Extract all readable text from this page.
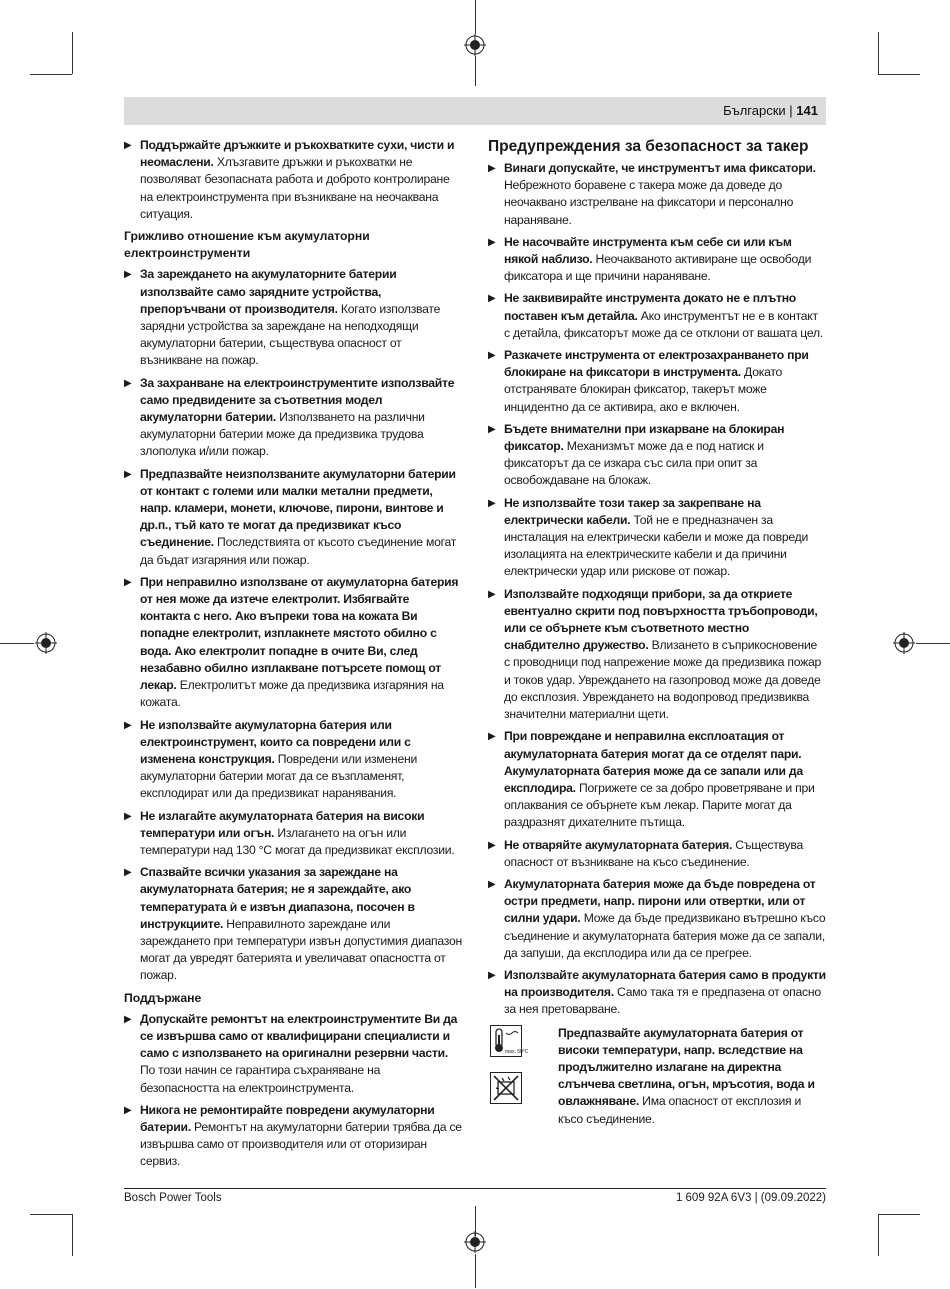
Български | 141
▶ Поддържайте дръжките и ръкохватките сухи, чисти и неомаслени. Хлъзгавите дръжки и ръкохватки не позволяват безопасната работа и доброто контролиране на електроинструмента при възникване на неочаквана ситуация.
Грижливо отношение към акумулаторни електроинструменти
▶ За зареждането на акумулаторните батерии използвайте само зарядните устройства, препоръчвани от производителя. Когато използвате зарядни устройства за зареждане на неподходящи акумулаторни батерии, съществува опасност от възникване на пожар.
▶ За захранване на електроинструментите използвайте само предвидените за съответния модел акумулаторни батерии. Използването на различни акумулаторни батерии може да предизвика трудова злополука и/или пожар.
▶ Предпазвайте неизползваните акумулаторни батерии от контакт с големи или малки метални предмети, напр. кламери, монети, ключове, пирони, винтове и др.п., тъй като те могат да предизвикат късо съединение. Последствията от късото съединение могат да бъдат изгаряния или пожар.
▶ При неправилно използване от акумулаторна батерия от нея може да изтече електролит. Избягвайте контакта с него. Ако въпреки това на кожата Ви попадне електролит, изплакнете мястото обилно с вода. Ако електролит попадне в очите Ви, след незабавно обилно изплакване потърсете помощ от лекар. Електролитът може да предизвика изгаряния на кожата.
▶ Не използвайте акумулаторна батерия или електроинструмент, които са повредени или с изменена конструкция. Повредени или изменени акумулаторни батерии могат да се възпламенят, експлодират или да предизвикат наранявания.
▶ Не излагайте акумулаторната батерия на високи температури или огън. Излагането на огън или температури над 130 °C могат да предизвикат експлозии.
▶ Спазвайте всички указания за зареждане на акумулаторната батерия; не я зареждайте, ако температурата ѝ е извън диапазона, посочен в инструкциите. Неправилното зареждане или зареждането при температури извън допустимия диапазон могат да увредят батерията и увеличават опасността от пожар.
Поддържане
▶ Допускайте ремонтът на електроинструментите Ви да се извършва само от квалифицирани специалисти и само с използването на оригинални резервни части. По този начин се гарантира съхраняване на безопасността на електроинструмента.
▶ Никога не ремонтирайте повредени акумулаторни батерии. Ремонтът на акумулаторни батерии трябва да се извършва само от производителя или от оторизиран сервиз.
Предупреждения за безопасност за такер
▶ Винаги допускайте, че инструментът има фиксатори. Небрежното боравене с такера може да доведе до неочаквано изстрелване на фиксатори и персонално нараняване.
▶ Не насочвайте инструмента към себе си или към някой наблизо. Неочакваното активиране ще освободи фиксатора и ще причини нараняване.
▶ Не заквивирайте инструмента докато не е плътно поставен към детайла. Ако инструментът не е в контакт с детайла, фиксаторът може да се отклони от вашата цел.
▶ Разкачете инструмента от електрозахранването при блокиране на фиксатори в инструмента. Докато отстранявате блокиран фиксатор, такерът може инцидентно да се активира, ако е включен.
▶ Бъдете внимателни при изкарване на блокиран фиксатор. Механизмът може да е под натиск и фиксаторът да се изкара със сила при опит за освобождаване на блокаж.
▶ Не използвайте този такер за закрепване на електрически кабели. Той не е предназначен за инсталация на електрически кабели и може да повреди изолацията на електрическите кабели и да причини електрически удар или рискове от пожар.
▶ Използвайте подходящи прибори, за да откриете евентуално скрити под повърхността тръбопроводи, или се обърнете към съответното местно снабдително дружество. Влизането в съприкосновение с проводници под напрежение може да предизвика пожар и токов удар. Увреждането на газопровод може да доведе до експлозия. Увреждането на водопровод предизвиква значителни материални щети.
▶ При повреждане и неправилна експлоатация от акумулаторната батерия могат да се отделят пари. Акумулаторната батерия може да се запали или да експлодира. Погрижете се за добро проветряване и при оплаквания се обърнете към лекар. Парите могат да раздразнят дихателните пътища.
▶ Не отваряйте акумулаторната батерия. Съществува опасност от възникване на късо съединение.
▶ Акумулаторната батерия може да бъде повредена от остри предмети, напр. пирони или отвертки, или от силни удари. Може да бъде предизвикано вътрешно късо съединение и акумулаторната батерия може да се запали, да запуши, да експлодира или да се прегрее.
▶ Използвайте акумулаторната батерия само в продукти на производителя. Само така тя е предпазена от опасно за нея претоварване.
max. 50°C

Предпазвайте акумулаторната батерия от високи температури, напр. вследствие на продължително излагане на директна слънчева светлина, огън, мръсотия, вода и овлажняване. Има опасност от експлозия и късо съединение.
Bosch Power Tools	1 609 92A 6V3 | (09.09.2022)
